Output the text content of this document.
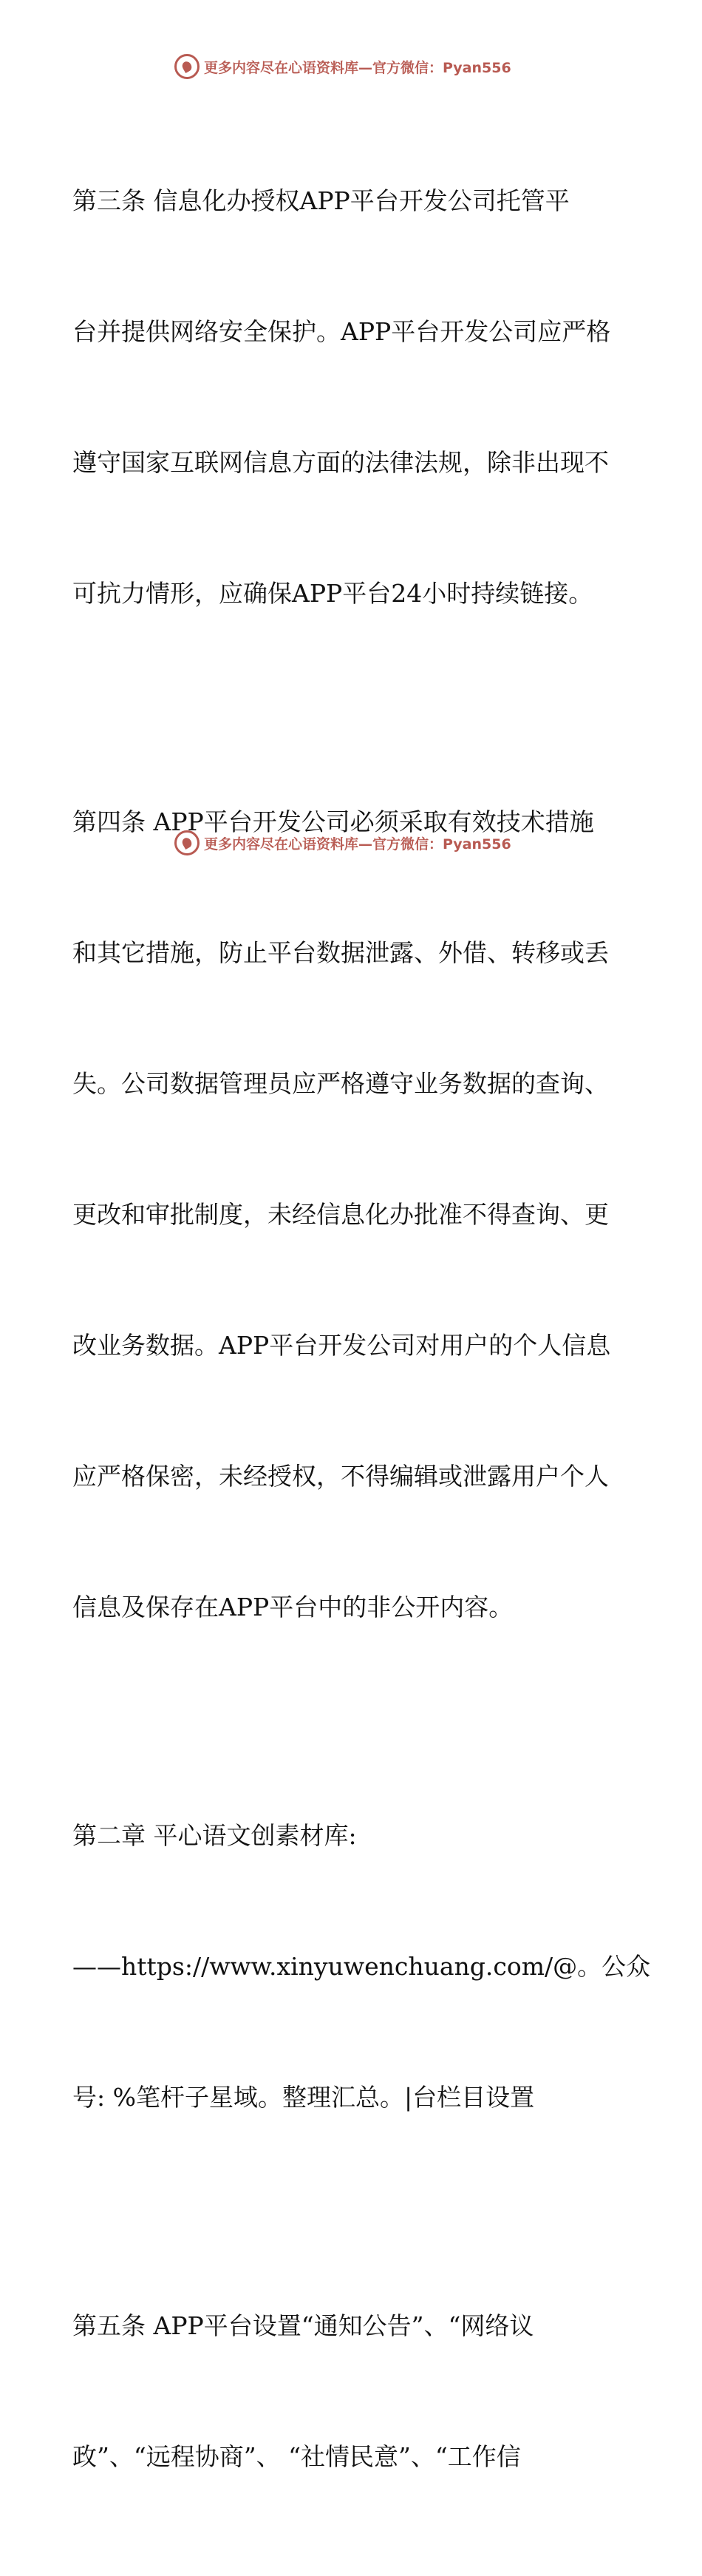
更多内容尽在心语资料库—官方微信：Pyan556

第三条 信息化办授权APP平台开发公司托管平

台并提供网络安全保护。APP平台开发公司应严格

遵守国家互联网信息方面的法律法规，除非出现不

可抗力情形，应确保APP平台24小时持续链接。

第四条 APP平台开发公司必须采取有效技术措施

和其它措施，防止平台数据泄露、外借、转移或丢

失。公司数据管理员应严格遵守业务数据的查询、

更改和审批制度，未经信息化办批准不得查询、更

改业务数据。APP平台开发公司对用户的个人信息

应严格保密，未经授权，不得编辑或泄露用户个人

信息及保存在APP平台中的非公开内容。

第二章 平心语文创素材库:

——https://www.xinyuwenchuang.com/@。公众

号: %笔杆子星域。整理汇总。|台栏目设置

第五条 APP平台设置“通知公告”、“网络议

政”、“远程协商”、 “社情民意”、“工作信

更多内容尽在心语资料库—官方微信：Pyan556
